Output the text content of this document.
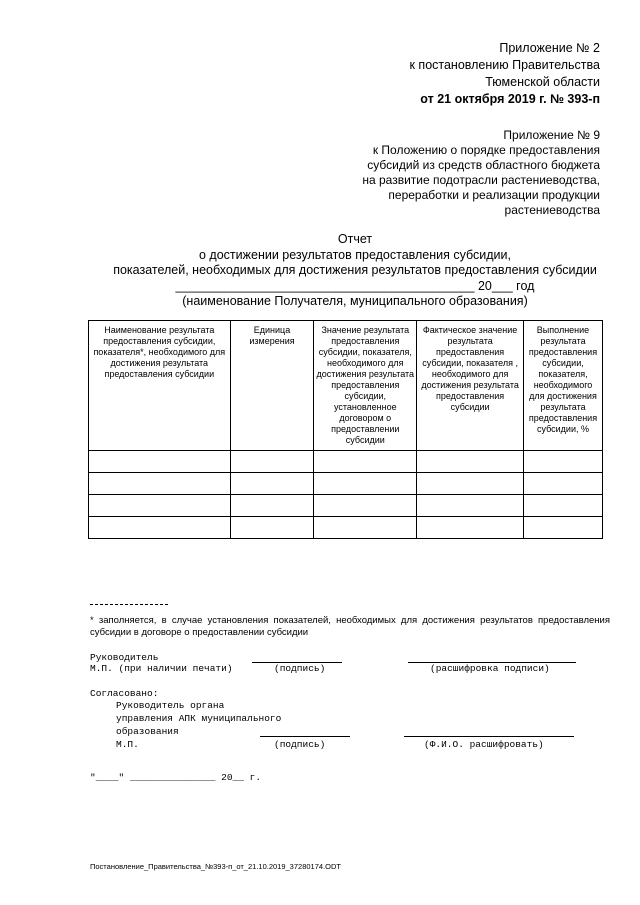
Приложение № 2
к постановлению Правительства
Тюменской области
от 21 октября 2019 г. № 393-п
Приложение № 9
к Положению о порядке предоставления
субсидий из средств областного бюджета
на развитие подотрасли растениеводства,
переработки и реализации продукции
растениеводства
Отчет
о достижении результатов предоставления субсидии,
показателей, необходимых для достижения результатов предоставления субсидии
___________________________________________ 20___ год
(наименование Получателя, муниципального образования)
Наименование результата предоставления субсидии, показателя*, необходимого для достижения результата предоставления субсидии	Единица измерения	Значение результата предоставления субсидии, показателя, необходимого для достижения результата предоставления субсидии, установленное договором о предоставлении субсидии	Фактическое значение результата предоставления субсидии, показателя , необходимого для достижения результата предоставления субсидии	Выполнение результата предоставления субсидии, показателя, необходимого для достижения результата предоставления субсидии, %

* заполняется, в случае установления показателей, необходимых для достижения результатов предоставления субсидии в договоре о предоставлении субсидии
Руководитель
М.П. (при наличии печати)	(подпись)	(расшифровка подписи)
Согласовано:
Руководитель органа
управления АПК муниципального
образования
М.П.	(подпись)	(Ф.И.О. расшифровать)
"____" _______________ 20__ г.
Постановление_Правительства_№393-п_от_21.10.2019_37280174.ODT
